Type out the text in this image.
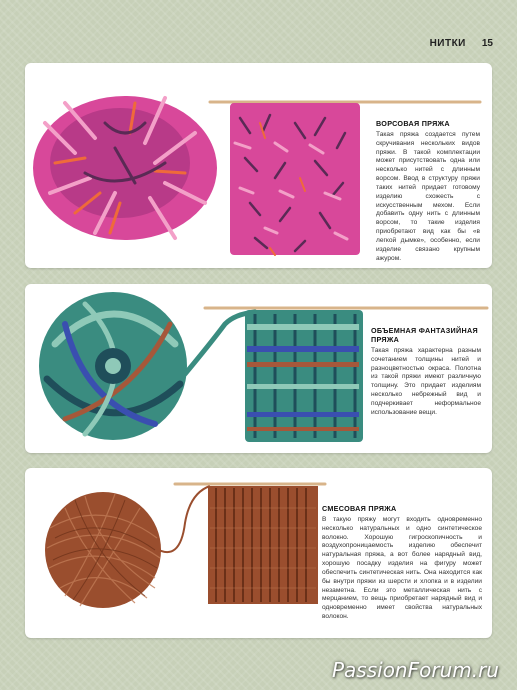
НИТКИ 15
ВОРСОВАЯ ПРЯЖА

Такая пряжа создается путем скручивания нескольких видов пряжи. В такой комплектации может присутствовать одна или несколько нитей с длинным ворсом. Ввод в структуру пряжи таких нитей придает готовому изделию схожесть с искусственным мехом. Если добавить одну нить с длинным ворсом, то такие изделия приобретают вид как бы «в легкой дымке», особенно, если изделие связано крупным ажуром.

ОБЪЕМНАЯ ФАНТАЗИЙНАЯ ПРЯЖА

Такая пряжа характерна разным сочетанием толщины нитей и разноцветностью окраса. Полотна из такой пряжи имеют различную толщину. Это придает изделиям несколько небрежный вид и подчеркивает неформальное использование вещи.

СМЕСОВАЯ ПРЯЖА

В такую пряжу могут входить одновременно несколько натуральных и одно синтетическое волокно. Хорошую гигроскопичность и воздухопроницаемость изделию обеспечит натуральная пряжа, а вот более нарядный вид, хорошую посадку изделия на фигуру может обеспечить синтетическая нить. Она находится как бы внутри пряжи из шерсти и хлопка и в изделии незаметна. Если это металлическая нить с мерцанием, то вещь приобретает нарядный вид и одновременно имеет свойства натуральных волокон.

PassionForum.ru
